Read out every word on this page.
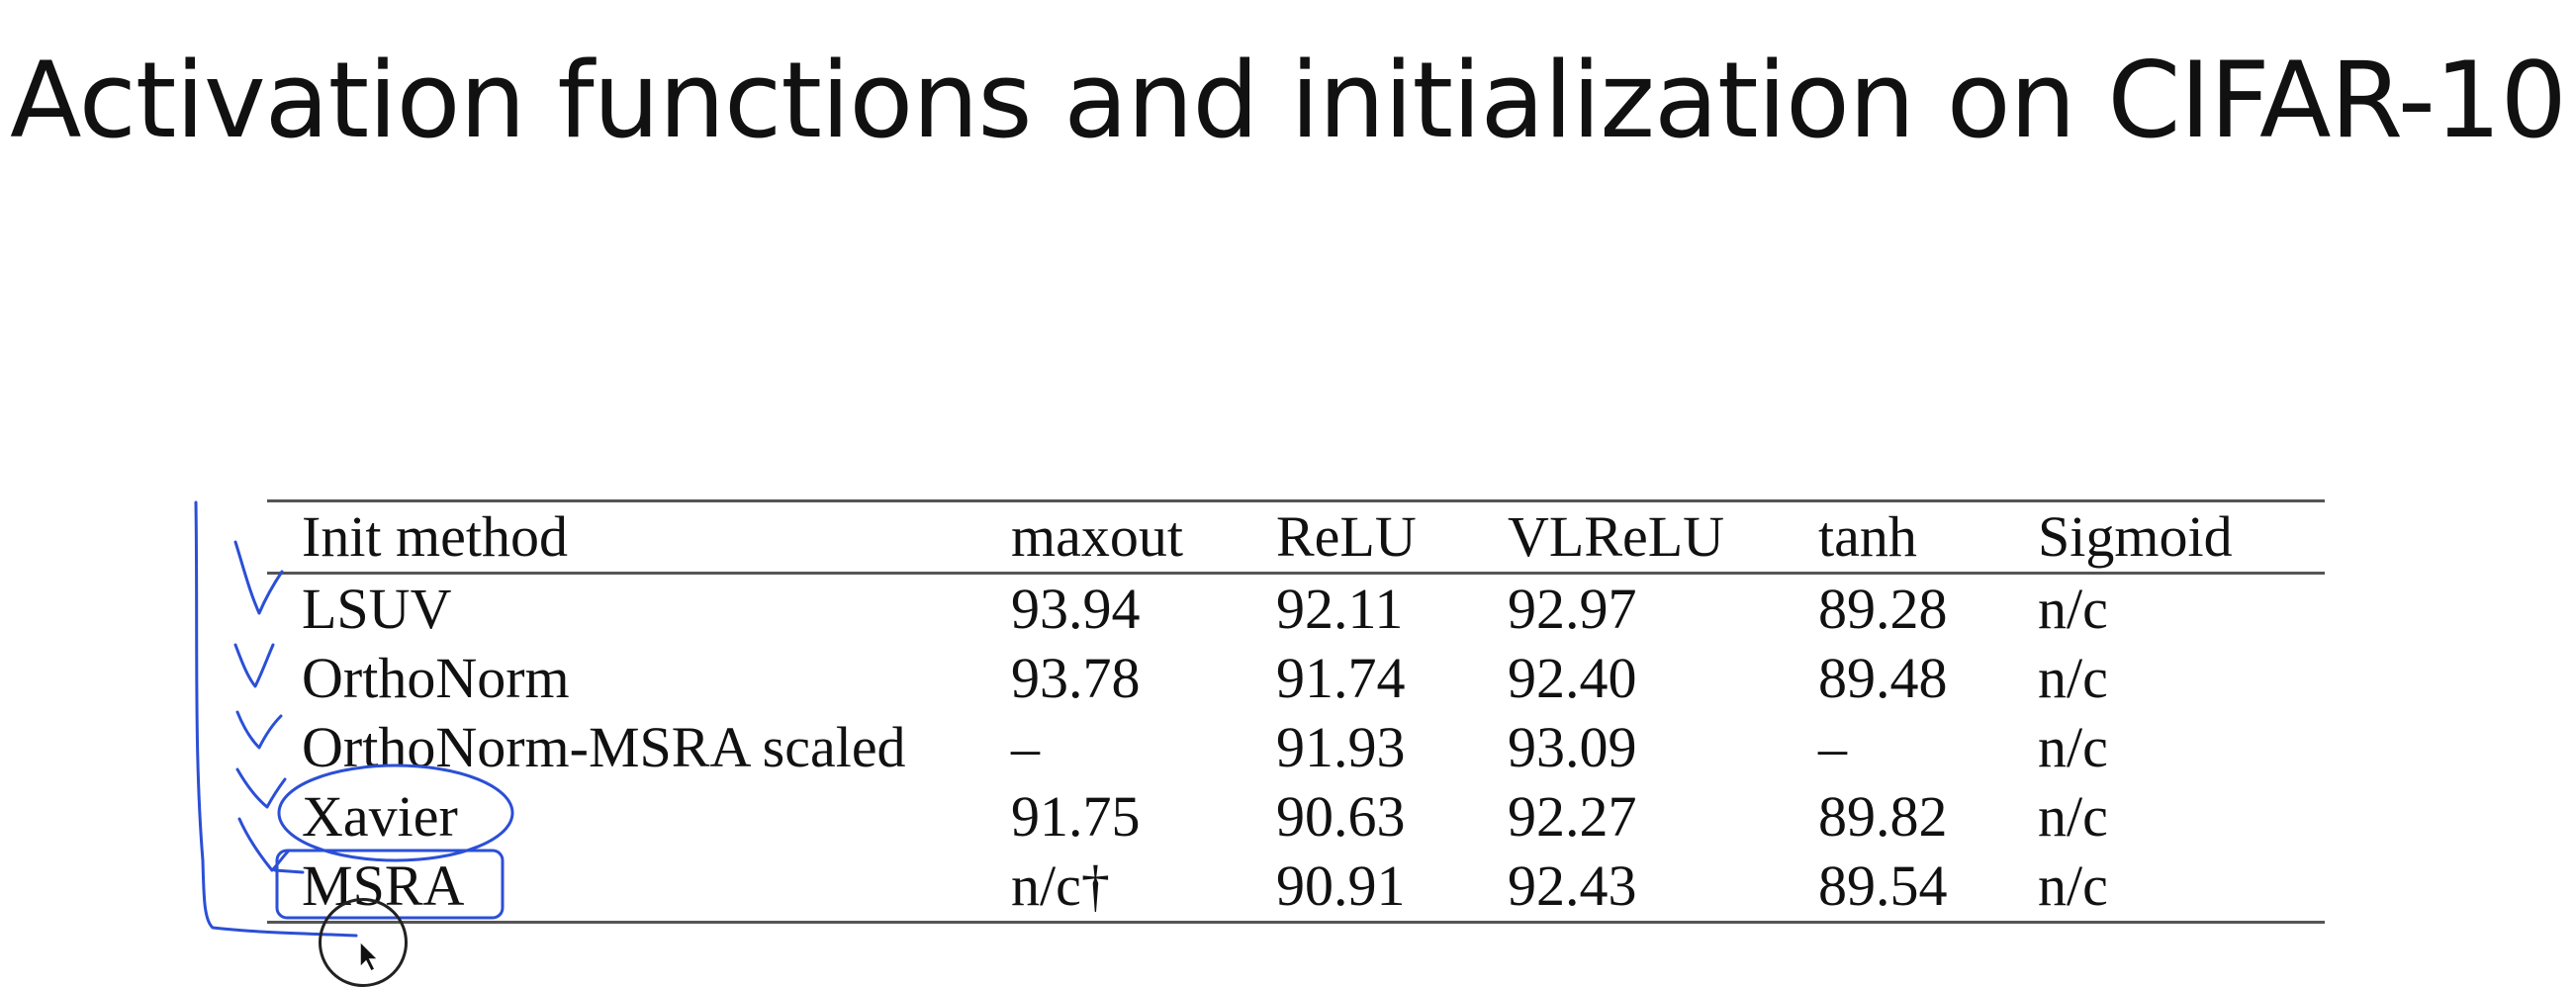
Activation functions and initialization on CIFAR-10
Init method	maxout	ReLU	VLReLU	tanh	Sigmoid
LSUV	93.94	92.11	92.97	89.28	n/c
OrthoNorm	93.78	91.74	92.40	89.48	n/c
OrthoNorm-MSRA scaled	–	91.93	93.09	–	n/c
Xavier	91.75	90.63	92.27	89.82	n/c
MSRA	n/c†	90.91	92.43	89.54	n/c
